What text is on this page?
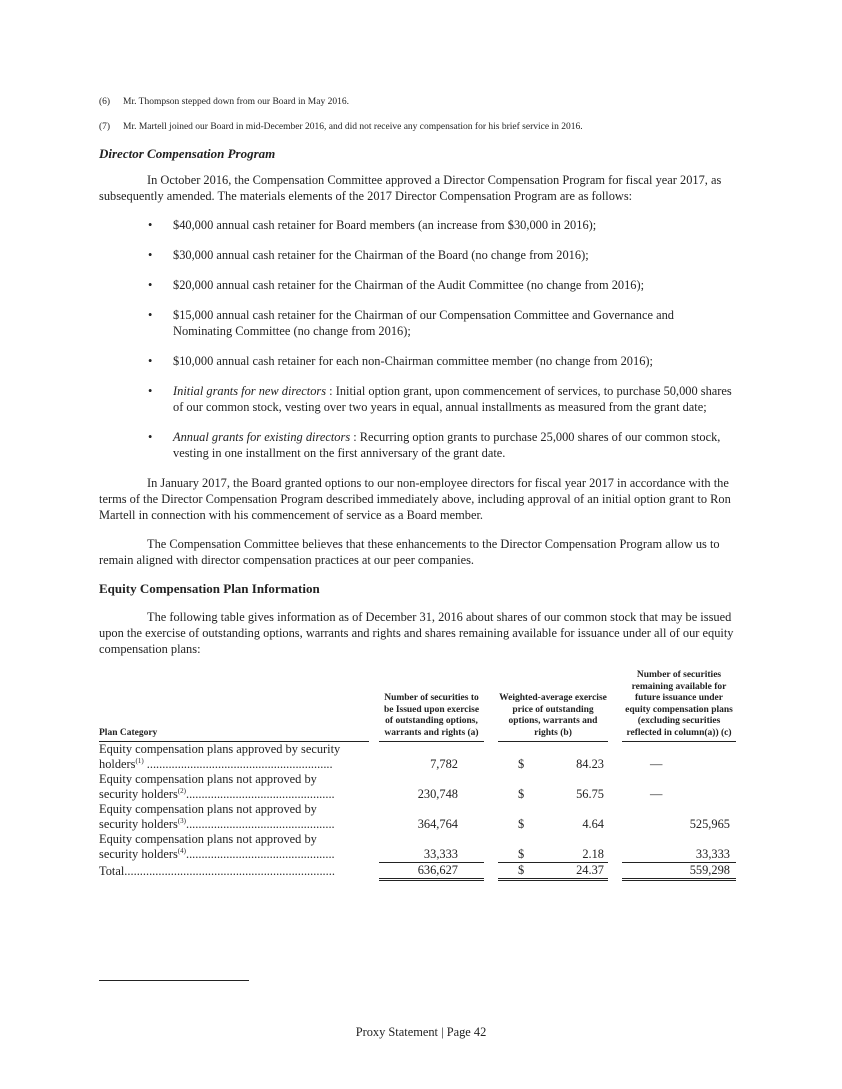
(6)	Mr. Thompson stepped down from our Board in May 2016.
(7)	Mr. Martell joined our Board in mid-December 2016, and did not receive any compensation for his brief service in 2016.
Director Compensation Program

In October 2016, the Compensation Committee approved a Director Compensation Program for fiscal year 2017, as subsequently amended. The materials elements of the 2017 Director Compensation Program are as follows:

• $40,000 annual cash retainer for Board members (an increase from $30,000 in 2016);
• $30,000 annual cash retainer for the Chairman of the Board (no change from 2016);
• $20,000 annual cash retainer for the Chairman of the Audit Committee (no change from 2016);
• $15,000 annual cash retainer for the Chairman of our Compensation Committee and Governance and Nominating Committee (no change from 2016);
• $10,000 annual cash retainer for each non-Chairman committee member (no change from 2016);
• Initial grants for new directors : Initial option grant, upon commencement of services, to purchase 50,000 shares of our common stock, vesting over two years in equal, annual installments as measured from the grant date;
• Annual grants for existing directors : Recurring option grants to purchase 25,000 shares of our common stock, vesting in one installment on the first anniversary of the grant date.

In January 2017, the Board granted options to our non-employee directors for fiscal year 2017 in accordance with the terms of the Director Compensation Program described immediately above, including approval of an initial option grant to Ron Martell in connection with his commencement of service as a Board member.

The Compensation Committee believes that these enhancements to the Director Compensation Program allow us to remain aligned with director compensation practices at our peer companies.

Equity Compensation Plan Information

The following table gives information as of December 31, 2016 about shares of our common stock that may be issued upon the exercise of outstanding options, warrants and rights and shares remaining available for issuance under all of our equity compensation plans:

Plan Category		Number of securities to be Issued upon exercise of outstanding options, warrants and rights (a)		Weighted-average exercise price of outstanding options, warrants and rights (b)			Number of securities remaining available for future issuance under equity compensation plans (excluding securities reflected in column(a)) (c)
Equity compensation plans approved by security
holders$^{(1)}$ ............................................................		7,782		$	84.23		—
Equity compensation plans not approved by
security holders$^{(2)}$................................................		230,748		$	56.75		—
Equity compensation plans not approved by
security holders$^{(3)}$................................................		364,764		$	4.64		525,965
Equity compensation plans not approved by
security holders$^{(4)}$................................................		33,333		$	2.18		33,333
Total....................................................................		636,627		$	24.37		559,298
Proxy Statement | Page 42
